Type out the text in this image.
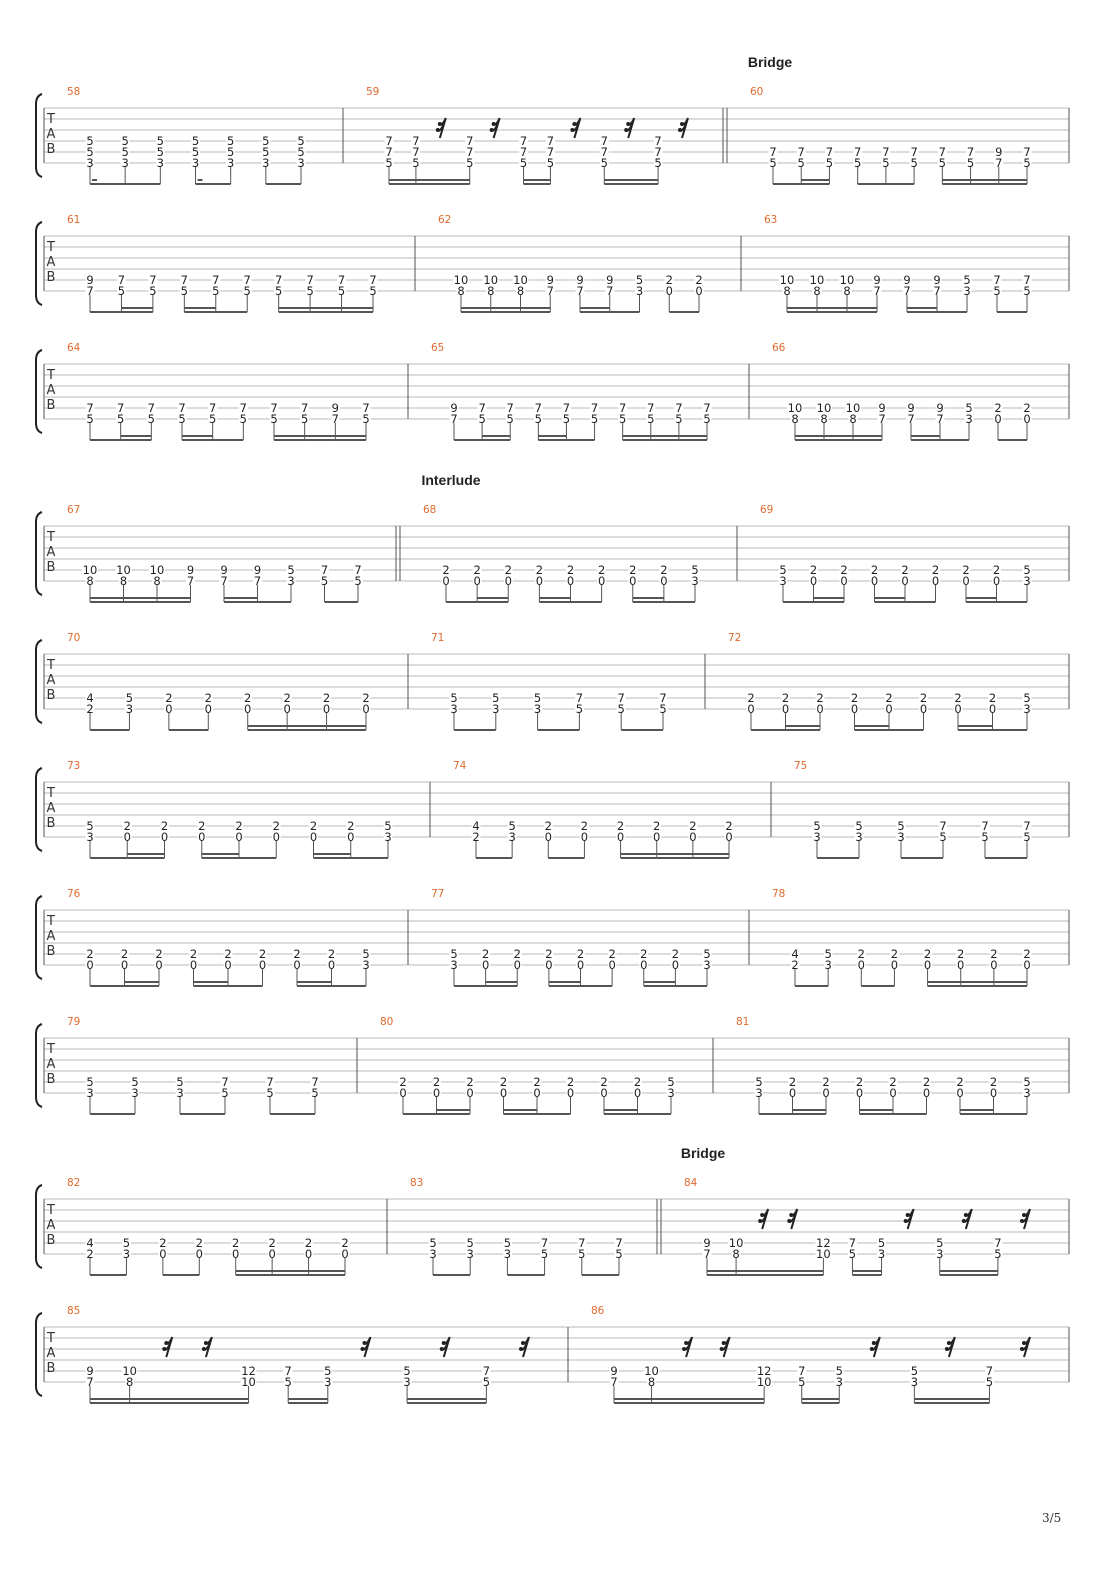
Bridge
T
A
B
58
5
5
3
5
5
3
5
5
3
5
5
3
5
5
3
5
5
3
5
5
3
59
7
7
5
7
7
5
7
7
5
7
7
5
7
7
5
7
7
5
7
7
5
60
7
5
7
5
7
5
7
5
7
5
7
5
7
5
7
5
9
7
7
5
T
A
B
61
9
7
7
5
7
5
7
5
7
5
7
5
7
5
7
5
7
5
7
5
62
10
8
10
8
10
8
9
7
9
7
9
7
5
3
2
0
2
0
63
10
8
10
8
10
8
9
7
9
7
9
7
5
3
7
5
7
5
T
A
B
64
7
5
7
5
7
5
7
5
7
5
7
5
7
5
7
5
9
7
7
5
65
9
7
7
5
7
5
7
5
7
5
7
5
7
5
7
5
7
5
7
5
66
10
8
10
8
10
8
9
7
9
7
9
7
5
3
2
0
2
0
Interlude
T
A
B
67
10
8
10
8
10
8
9
7
9
7
9
7
5
3
7
5
7
5
68
2
0
2
0
2
0
2
0
2
0
2
0
2
0
2
0
5
3
69
5
3
2
0
2
0
2
0
2
0
2
0
2
0
2
0
5
3
T
A
B
70
4
2
5
3
2
0
2
0
2
0
2
0
2
0
2
0
71
5
3
5
3
5
3
7
5
7
5
7
5
72
2
0
2
0
2
0
2
0
2
0
2
0
2
0
2
0
5
3
T
A
B
73
5
3
2
0
2
0
2
0
2
0
2
0
2
0
2
0
5
3
74
4
2
5
3
2
0
2
0
2
0
2
0
2
0
2
0
75
5
3
5
3
5
3
7
5
7
5
7
5
T
A
B
76
2
0
2
0
2
0
2
0
2
0
2
0
2
0
2
0
5
3
77
5
3
2
0
2
0
2
0
2
0
2
0
2
0
2
0
5
3
78
4
2
5
3
2
0
2
0
2
0
2
0
2
0
2
0
T
A
B
79
5
3
5
3
5
3
7
5
7
5
7
5
80
2
0
2
0
2
0
2
0
2
0
2
0
2
0
2
0
5
3
81
5
3
2
0
2
0
2
0
2
0
2
0
2
0
2
0
5
3
Bridge
T
A
B
82
4
2
5
3
2
0
2
0
2
0
2
0
2
0
2
0
83
5
3
5
3
5
3
7
5
7
5
7
5
84
9
7
10
8
12
10
7
5
5
3
5
3
7
5
T
A
B
85
9
7
10
8
12
10
7
5
5
3
5
3
7
5
86
9
7
10
8
12
10
7
5
5
3
5
3
7
5
3/5
